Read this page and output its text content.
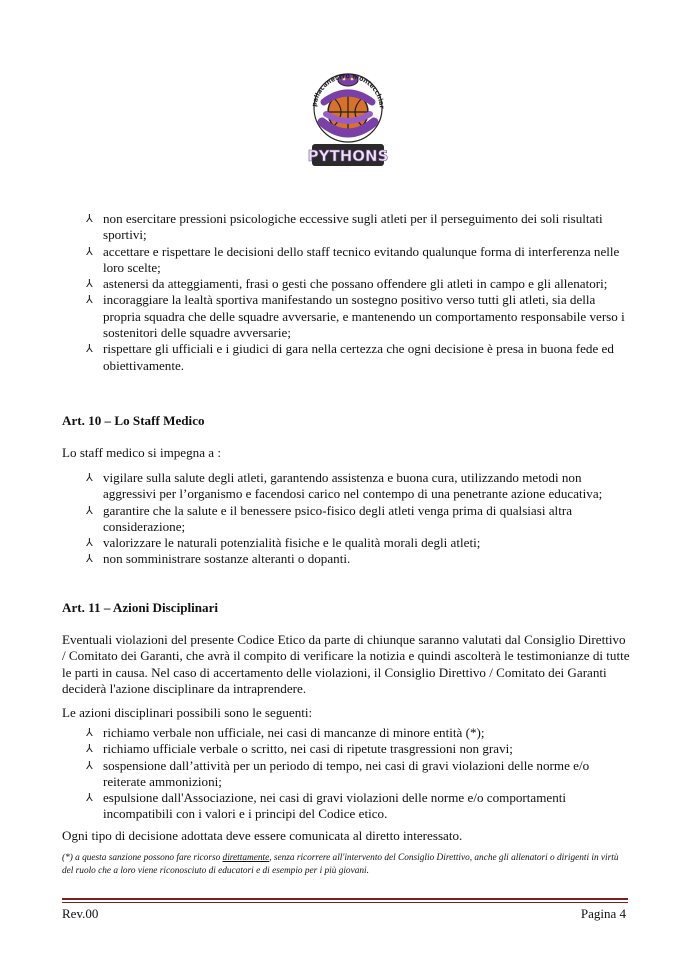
pallacanestro montecchiar
PYTHONS
⅄ non esercitare pressioni psicologiche eccessive sugli atleti per il perseguimento dei soli risultati sportivi;
⅄ accettare e rispettare le decisioni dello staff tecnico evitando qualunque forma di interferenza nelle loro scelte;
⅄ astenersi da atteggiamenti, frasi o gesti che possano offendere gli atleti in campo e gli allenatori;
⅄ incoraggiare la lealtà sportiva manifestando un sostegno positivo verso tutti gli atleti, sia della propria squadra che delle squadre avversarie, e mantenendo un comportamento responsabile verso i sostenitori delle squadre avversarie;
⅄ rispettare gli ufficiali e i giudici di gara nella certezza che ogni decisione è presa in buona fede ed obiettivamente.
Art. 10 – Lo Staff Medico
Lo staff medico si impegna a :
⅄ vigilare sulla salute degli atleti, garantendo assistenza e buona cura, utilizzando metodi non aggressivi per l’organismo e facendosi carico nel contempo di una penetrante azione educativa;
⅄ garantire che la salute e il benessere psico-fisico degli atleti venga prima di qualsiasi altra considerazione;
⅄ valorizzare le naturali potenzialità fisiche e le qualità morali degli atleti;
⅄ non somministrare sostanze alteranti o dopanti.
Art. 11 – Azioni Disciplinari
Eventuali violazioni del presente Codice Etico da parte di chiunque saranno valutati dal Consiglio Direttivo / Comitato dei Garanti, che avrà il compito di verificare la notizia e quindi ascolterà le testimonianze di tutte le parti in causa. Nel caso di accertamento delle violazioni, il Consiglio Direttivo / Comitato dei Garanti deciderà l'azione disciplinare da intraprendere.
Le azioni disciplinari possibili sono le seguenti:
⅄ richiamo verbale non ufficiale, nei casi di mancanze di minore entità (*);
⅄ richiamo ufficiale verbale o scritto, nei casi di ripetute trasgressioni non gravi;
⅄ sospensione dall’attività per un periodo di tempo, nei casi di gravi violazioni delle norme e/o reiterate ammonizioni;
⅄ espulsione dall'Associazione, nei casi di gravi violazioni delle norme e/o comportamenti incompatibili con i valori e i principi del Codice etico.
Ogni tipo di decisione adottata deve essere comunicata al diretto interessato.
(*) a questa sanzione possono fare ricorso direttamente, senza ricorrere all'intervento del Consiglio Direttivo, anche gli allenatori o dirigenti in virtù del ruolo che a loro viene riconosciuto di educatori e di esempio per i più giovani.
Rev.00	Pagina 4
